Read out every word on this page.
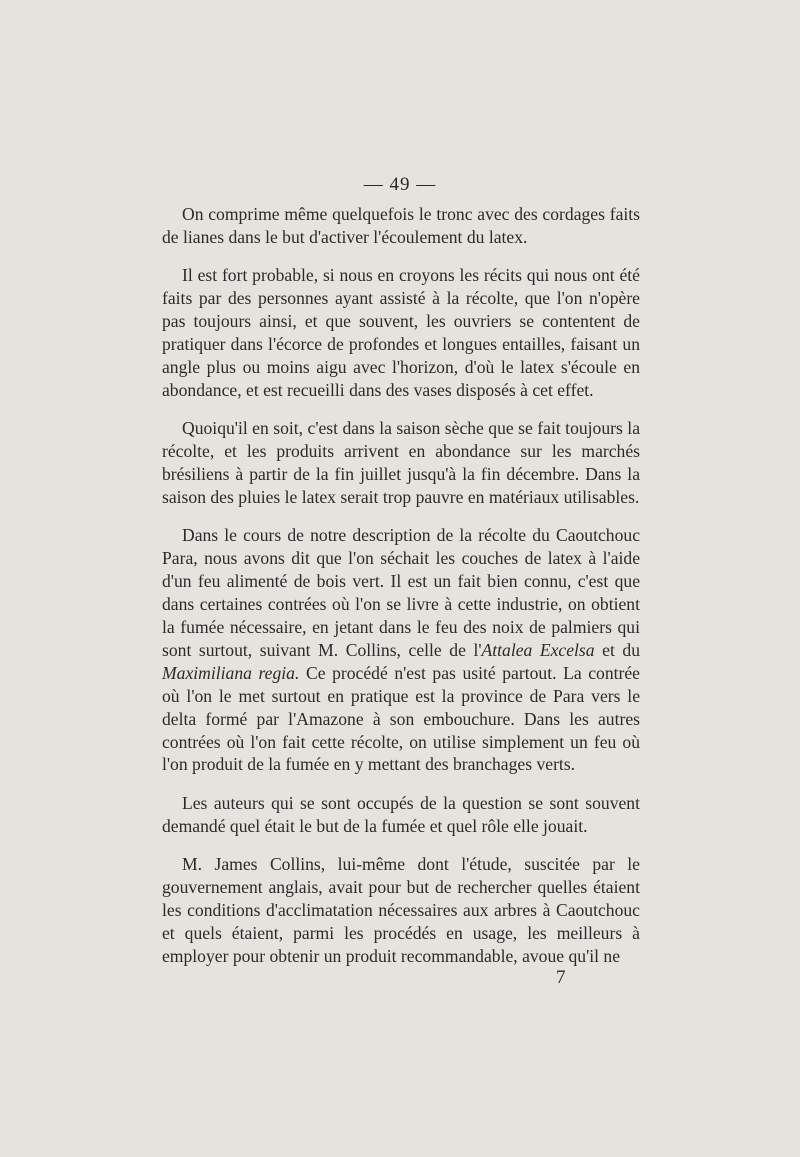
— 49 —

On comprime même quelquefois le tronc avec des cordages faits de lianes dans le but d'activer l'écoulement du latex.

Il est fort probable, si nous en croyons les récits qui nous ont été faits par des personnes ayant assisté à la récolte, que l'on n'opère pas toujours ainsi, et que souvent, les ouvriers se contentent de pratiquer dans l'écorce de profondes et longues entailles, faisant un angle plus ou moins aigu avec l'horizon, d'où le latex s'écoule en abondance, et est recueilli dans des vases disposés à cet effet.

Quoiqu'il en soit, c'est dans la saison sèche que se fait toujours la récolte, et les produits arrivent en abondance sur les marchés brésiliens à partir de la fin juillet jusqu'à la fin décembre. Dans la saison des pluies le latex serait trop pauvre en matériaux utilisables.

Dans le cours de notre description de la récolte du Caoutchouc Para, nous avons dit que l'on séchait les couches de latex à l'aide d'un feu alimenté de bois vert. Il est un fait bien connu, c'est que dans certaines contrées où l'on se livre à cette industrie, on obtient la fumée nécessaire, en jetant dans le feu des noix de palmiers qui sont surtout, suivant M. Collins, celle de l'Attalea Excelsa et du Maximiliana regia. Ce procédé n'est pas usité partout. La contrée où l'on le met surtout en pratique est la province de Para vers le delta formé par l'Amazone à son embouchure. Dans les autres contrées où l'on fait cette récolte, on utilise simplement un feu où l'on produit de la fumée en y mettant des branchages verts.

Les auteurs qui se sont occupés de la question se sont souvent demandé quel était le but de la fumée et quel rôle elle jouait.

M. James Collins, lui-même dont l'étude, suscitée par le gouvernement anglais, avait pour but de rechercher quelles étaient les conditions d'acclimatation nécessaires aux arbres à Caoutchouc et quels étaient, parmi les procédés en usage, les meilleurs à employer pour obtenir un produit recommandable, avoue qu'il ne

7
